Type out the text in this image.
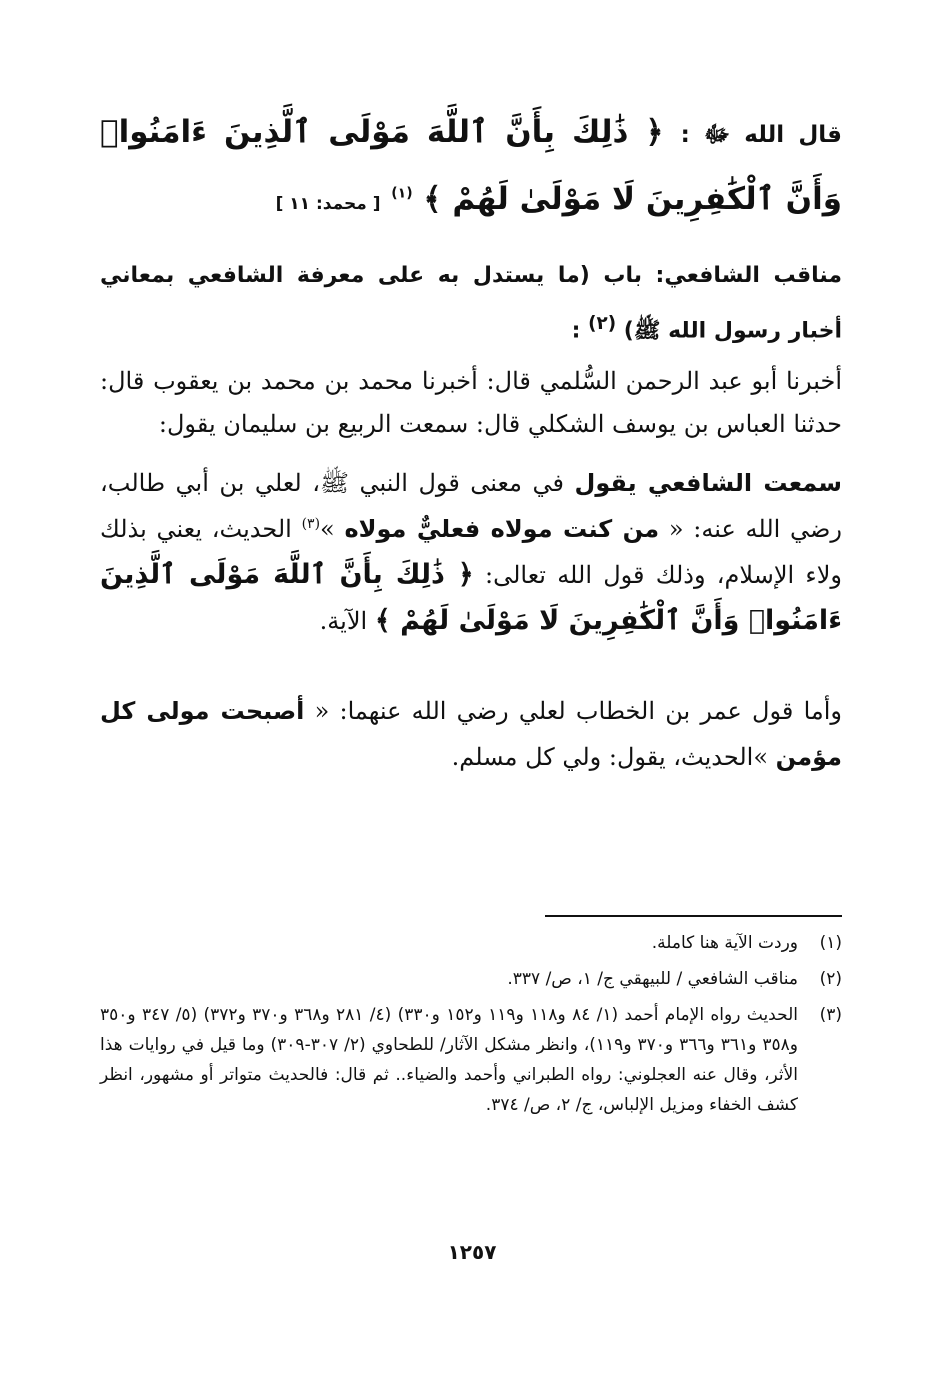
قال الله ﷻ : ﴿ ذَٰلِكَ بِأَنَّ ٱللَّهَ مَوْلَى ٱلَّذِينَ ءَامَنُوا۟ وَأَنَّ ٱلْكَٰفِرِينَ لَا مَوْلَىٰ لَهُمْ ﴾ $^{(١)}$ [ محمد: ١١ ]
مناقب الشافعي: باب (ما يستدل به على معرفة الشافعي بمعاني أخبار رسول الله ﷺ) $^{(٢)}$ :
أخبرنا أبو عبد الرحمن السُّلمي قال: أخبرنا محمد بن محمد بن يعقوب قال: حدثنا العباس بن يوسف الشكلي قال: سمعت الربيع بن سليمان يقول:
سمعت الشافعي يقول في معنى قول النبي ﷺ، لعلي بن أبي طالب، رضي الله عنه: « من كنت مولاه فعليٌّ مولاه »$^{(٣)}$ الحديث، يعني بذلك ولاء الإسلام، وذلك قول الله تعالى: ﴿ ذَٰلِكَ بِأَنَّ ٱللَّهَ مَوْلَى ٱلَّذِينَ ءَامَنُوا۟ وَأَنَّ ٱلْكَٰفِرِينَ لَا مَوْلَىٰ لَهُمْ ﴾ الآية.
وأما قول عمر بن الخطاب لعلي رضي الله عنهما: « أصبحت مولى كل مؤمن »الحديث، يقول: ولي كل مسلم.
(١)
وردت الآية هنا كاملة.
(٢)
مناقب الشافعي / للبيهقي ج/ ١، ص/ ٣٣٧.
(٣)
الحديث رواه الإمام أحمد (١/ ٨٤ و١١٨ و١١٩ و١٥٢ و٣٣٠) (٤/ ٢٨١ و٣٦٨ و٣٧٠ و٣٧٢) (٥/ ٣٤٧ و٣٥٠ و٣٥٨ و٣٦١ و٣٦٦ و٣٧٠ و١١٩)، وانظر مشكل الآثار/ للطحاوي (٢/ ٣٠٧-٣٠٩) وما قيل في روايات هذا الأثر، وقال عنه العجلوني: رواه الطبراني وأحمد والضياء.. ثم قال: فالحديث متواتر أو مشهور، انظر كشف الخفاء ومزيل الإلباس، ج/ ٢، ص/ ٣٧٤.
١٢٥٧
